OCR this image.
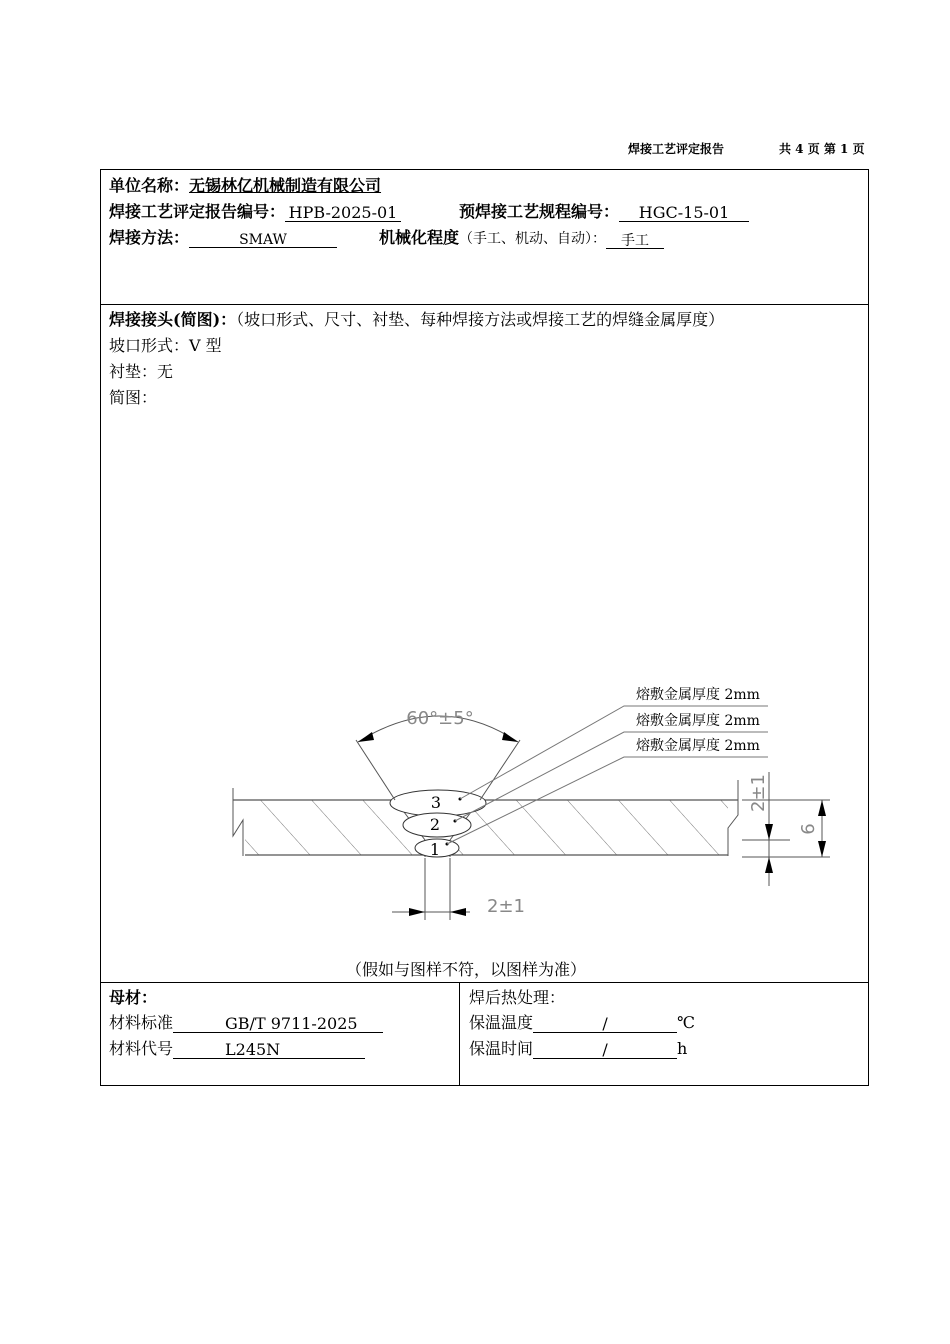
焊接工艺评定报告	共 4 页 第 1 页
单位名称：无锡林亿机械制造有限公司
焊接工艺评定报告编号： HPB-2025-01	预焊接工艺规程编号： HGC-15-01
焊接方法：	SMAW	机械化程度（手工、机动、自动）： 手工
焊接接头(简图)：（坡口形式、尺寸、衬垫、每种焊接方法或焊接工艺的焊缝金属厚度）
坡口形式：V 型
衬垫：无
简图：
（假如与图样不符，以图样为准）
母材：
材料标准	GB/T 9711-2025
材料代号	L245N
焊后热处理：
保温温度	/	℃
保温时间	/	h
3
2
1
60°±5°
熔敷金属厚度 2mm
熔敷金属厚度 2mm
熔敷金属厚度 2mm
2±1
6
2±1
